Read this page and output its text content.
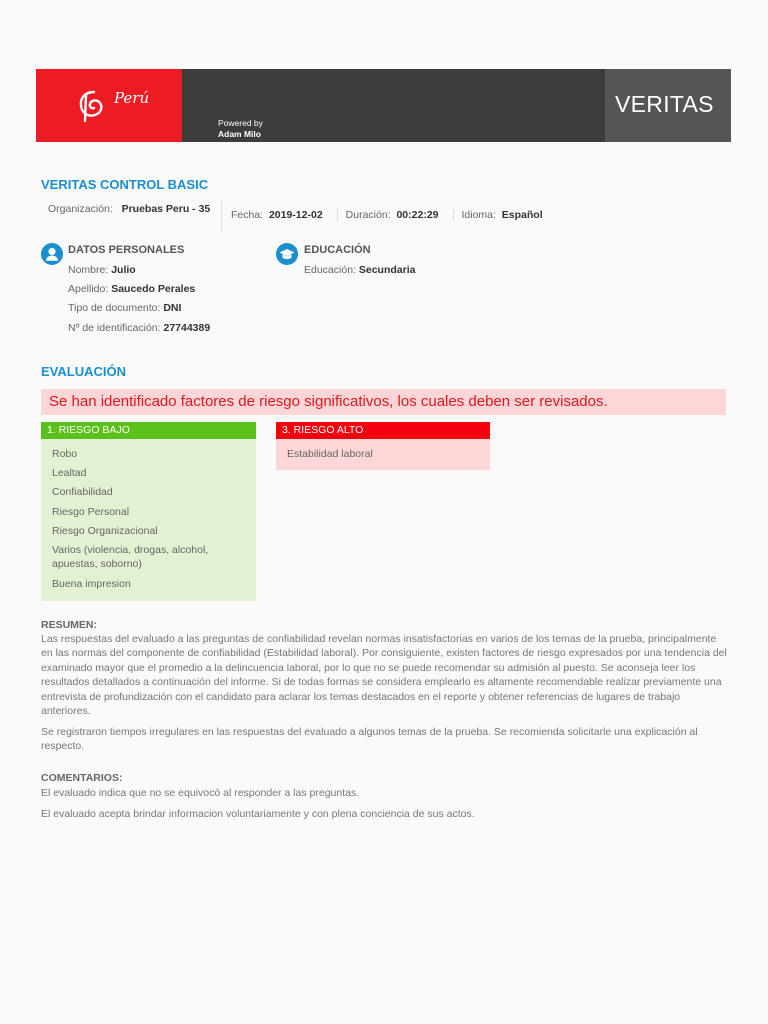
Perú
Powered by
Adam Milo
VERITAS
VERITAS CONTROL BASIC
Organización: Pruebas Peru - 35	Fecha: 2019-12-02 Duración: 00:22:29 Idioma: Español
DATOS PERSONALES
Nombre: Julio
Apellido: Saucedo Perales
Tipo de documento: DNI
Nº de identificación: 27744389
EDUCACIÓN
Educación: Secundaria
EVALUACIÓN
Se han identificado factores de riesgo significativos, los cuales deben ser revisados.
1. RIESGO BAJO
Robo
Lealtad
Confiabilidad
Riesgo Personal
Riesgo Organizacional
Varios (violencia, drogas, alcohol, apuestas, soborno)
Buena impresion
3. RIESGO ALTO
Estabilidad laboral
RESUMEN:
Las respuestas del evaluado a las preguntas de confiabilidad revelan normas insatisfactorias en varios de los temas de la prueba, principalmente en las normas del componente de confiabilidad (Estabilidad laboral). Por consiguiente, existen factores de riesgo expresados por una tendencia del examinado mayor que el promedio a la delincuencia laboral, por lo que no se puede recomendar su admisión al puesto. Se aconseja leer los resultados detallados a continuación del informe. Si de todas formas se considera emplearlo es altamente recomendable realizar previamente una entrevista de profundización con el candidato para aclarar los temas destacados en el reporte y obtener referencias de lugares de trabajo anteriores.
Se registraron tiempos irregulares en las respuestas del evaluado a algunos temas de la prueba. Se recomienda solicitarle una explicación al respecto.
COMENTARIOS:
El evaluado indica que no se equivocó al responder a las preguntas.
El evaluado acepta brindar informacion voluntariamente y con plena conciencia de sus actos.
